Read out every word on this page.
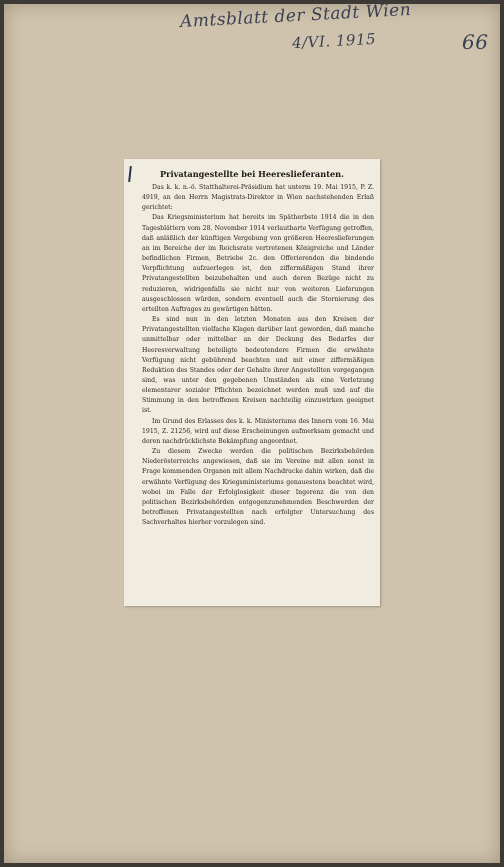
Amtsblatt der Stadt Wien
4/VI. 1915	66
Privatangestellte bei Heereslieferanten.

Das k. k. n.-ö. Statthalterei-Präsidium hat unterm 19. Mai 1915, P. Z. 4919, an den Herrn Magistrats-Direktor in Wien nachstehenden Erlaß gerichtet:

Das Kriegsministerium hat bereits im Spätherbste 1914 die in den Tagesblättern vom 28. November 1914 verlautbarte Verfügung getroffen, daß anläßlich der künftigen Vergebung von größeren Heereslieferungen an im Bereiche der im Reichsrate vertretenen Königreiche und Länder befindlichen Firmen, Betriebe 2c. den Offerierenden die bindende Verpflichtung aufzuerlegen ist, den ziffermäßigen Stand ihrer Privatangestellten beizubehalten und auch deren Bezüge nicht zu reduzieren, widrigenfalls sie nicht nur von weiteren Lieferungen ausgeschlossen würden, sondern eventuell auch die Stornierung des erteilten Auftrages zu gewärtigen hätten.

Es sind nun in den letzten Monaten aus den Kreisen der Privatangestellten vielfache Klagen darüber laut geworden, daß manche unmittelbar oder mittelbar an der Deckung des Bedarfes der Heeresverwaltung beteiligte bedeutendere Firmen die erwähnte Verfügung nicht gebührend beachten und mit einer ziffermäßigen Reduktion des Standes oder der Gehalte ihrer Angestellten vorgegangen sind, was unter den gegebenen Umständen als eine Verletzung elementarer sozialer Pflichten bezeichnet werden muß und auf die Stimmung in den betroffenen Kreisen nachteilig einzuwirken geeignet ist.

Im Grund des Erlasses des k. k. Ministeriums des Innern vom 16. Mai 1915, Z. 21256, wird auf diese Erscheinungen aufmerksam gemacht und deren nachdrücklichste Bekämpfung angeordnet.

Zu diesem Zwecke werden die politischen Bezirksbehörden Niederösterreichs angewiesen, daß sie im Vereine mit allen sonst in Frage kommenden Organen mit allem Nachdrucke dahin wirken, daß die erwähnte Verfügung des Kriegsministeriums genauestens beachtet wird, wobei im Falle der Erfolglosigkeit dieser Ingerenz die von den politischen Bezirksbehörden entgegenzunehmenden Beschwerden der betroffenen Privatangestellten nach erfolgter Untersuchung des Sachverhaltes hierher vorzulegen sind.
